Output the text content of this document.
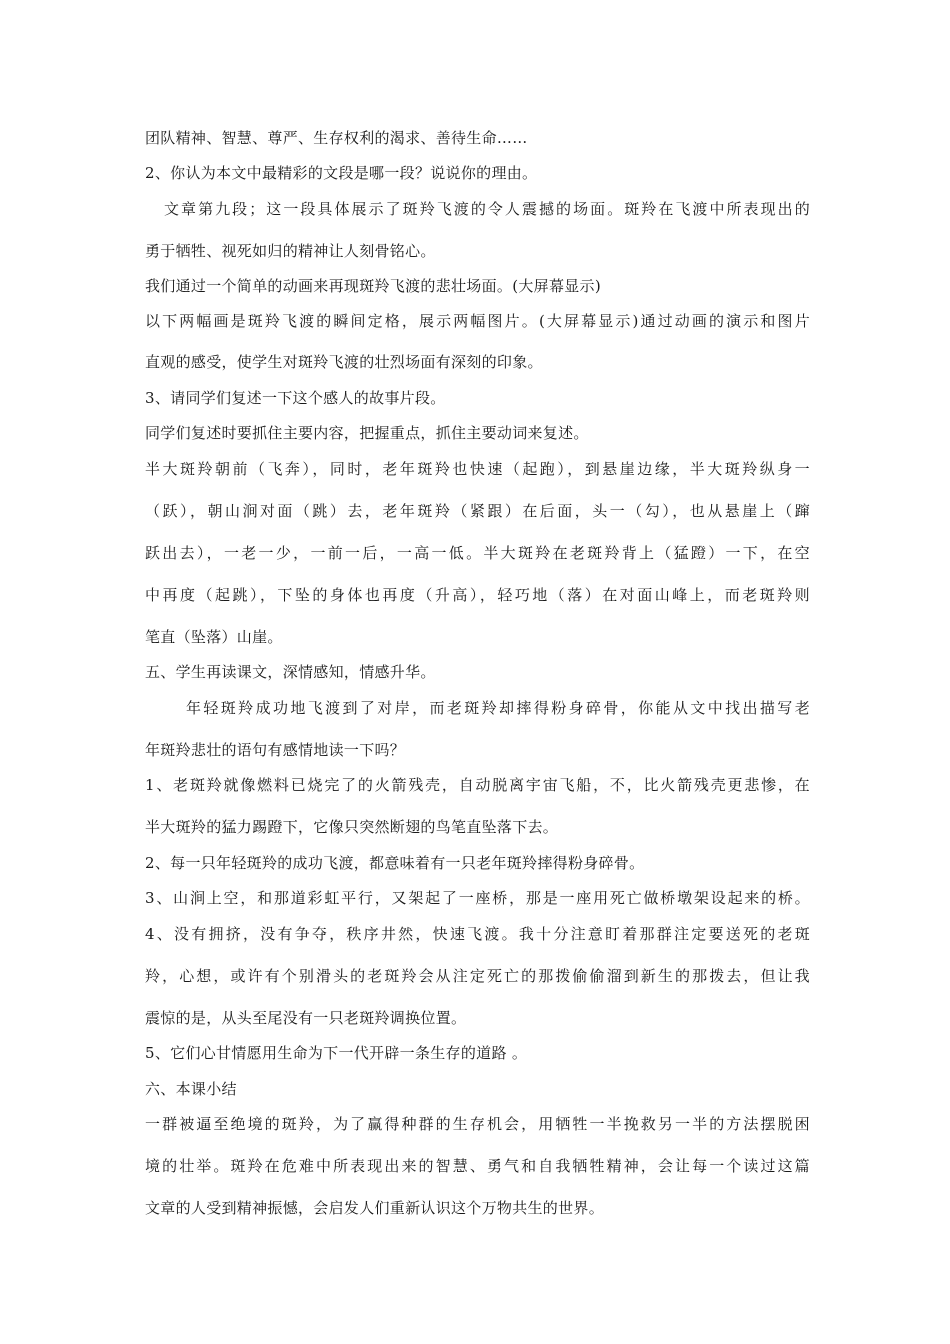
团队精神、智慧、尊严、生存权利的渴求、善待生命……
2、你认为本文中最精彩的文段是哪一段？说说你的理由。
文章第九段；这一段具体展示了斑羚飞渡的令人震撼的场面。斑羚在飞渡中所表现出的
勇于牺牲、视死如归的精神让人刻骨铭心。
我们通过一个简单的动画来再现斑羚飞渡的悲壮场面。(大屏幕显示)
以下两幅画是斑羚飞渡的瞬间定格，展示两幅图片。(大屏幕显示)通过动画的演示和图片
直观的感受，使学生对斑羚飞渡的壮烈场面有深刻的印象。
3、请同学们复述一下这个感人的故事片段。
同学们复述时要抓住主要内容，把握重点，抓住主要动词来复述。
半大斑羚朝前（飞奔），同时，老年斑羚也快速（起跑），到悬崖边缘，半大斑羚纵身一
（跃），朝山涧对面（跳）去，老年斑羚（紧跟）在后面，头一（勾），也从悬崖上（蹿
跃出去），一老一少，一前一后，一高一低。半大斑羚在老斑羚背上（猛蹬）一下，在空
中再度（起跳），下坠的身体也再度（升高），轻巧地（落）在对面山峰上，而老斑羚则
笔直（坠落）山崖。
五、学生再读课文，深情感知，情感升华。
年轻斑羚成功地飞渡到了对岸，而老斑羚却摔得粉身碎骨，你能从文中找出描写老
年斑羚悲壮的语句有感情地读一下吗？
1、老斑羚就像燃料已烧完了的火箭残壳，自动脱离宇宙飞船，不，比火箭残壳更悲惨，在
半大斑羚的猛力踢蹬下，它像只突然断翅的鸟笔直坠落下去。
2、每一只年轻斑羚的成功飞渡，都意味着有一只老年斑羚摔得粉身碎骨。
3、山涧上空，和那道彩虹平行，又架起了一座桥，那是一座用死亡做桥墩架设起来的桥。
4、没有拥挤，没有争夺，秩序井然，快速飞渡。我十分注意盯着那群注定要送死的老斑
羚，心想，或许有个别滑头的老斑羚会从注定死亡的那拨偷偷溜到新生的那拨去，但让我
震惊的是，从头至尾没有一只老斑羚调换位置。
5、它们心甘情愿用生命为下一代开辟一条生存的道路 。
六、本课小结
一群被逼至绝境的斑羚，为了赢得种群的生存机会，用牺牲一半挽救另一半的方法摆脱困
境的壮举。斑羚在危难中所表现出来的智慧、勇气和自我牺牲精神，会让每一个读过这篇
文章的人受到精神振憾，会启发人们重新认识这个万物共生的世界。
